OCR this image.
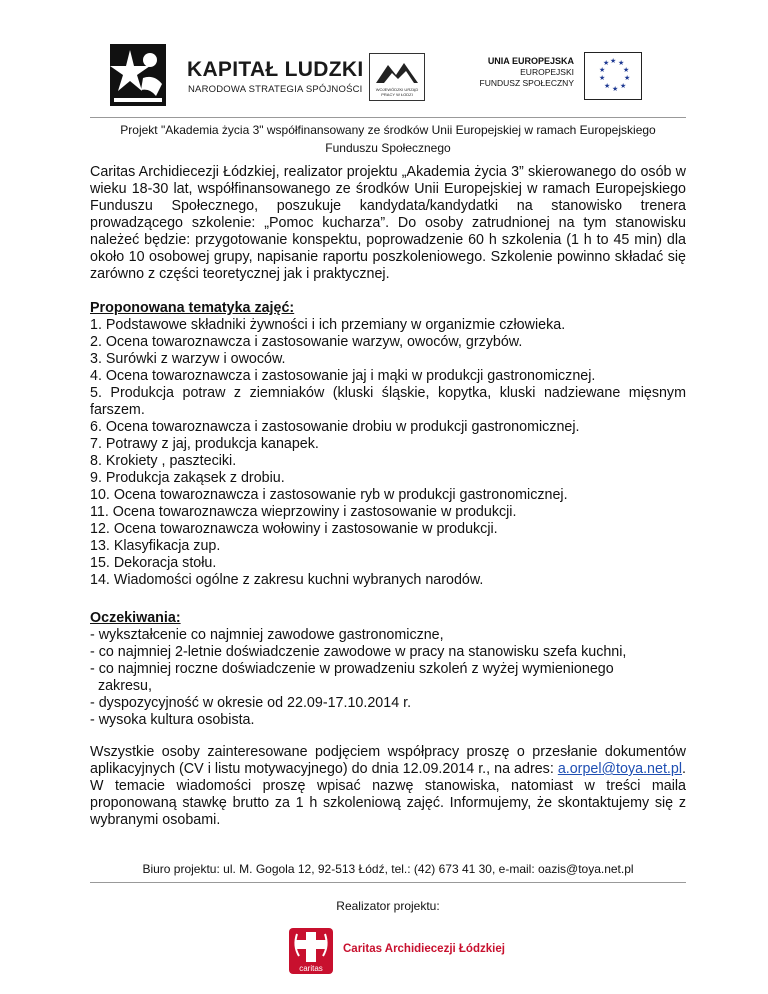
KAPITAŁ LUDZKI
NARODOWA STRATEGIA SPÓJNOŚCI	WOJEWÓDZKI URZĄD PRACY W ŁODZI
UNIA EUROPEJSKA
EUROPEJSKI
FUNDUSZ SPOŁECZNY
★ ★
★
★
★
★
★
★
★
★
Projekt "Akademia życia 3" współfinansowany ze środków Unii Europejskiej w ramach Europejskiego
Funduszu Społecznego
Caritas Archidiecezji Łódzkiej, realizator projektu „Akademia życia 3” skierowanego do osób w wieku 18-30 lat, współfinansowanego ze środków Unii Europejskiej w ramach Europejskiego Funduszu Społecznego, poszukuje kandydata/kandydatki na stanowisko trenera prowadzącego szkolenie: „Pomoc kucharza”. Do osoby zatrudnionej na tym stanowisku należeć będzie: przygotowanie konspektu, poprowadzenie 60 h szkolenia (1 h to 45 min) dla około 10 osobowej grupy, napisanie raportu poszkoleniowego. Szkolenie powinno składać się zarówno z części teoretycznej jak i praktycznej.
Proponowana tematyka zajęć:
1. Podstawowe składniki żywności i ich przemiany w organizmie człowieka.
2. Ocena towaroznawcza i zastosowanie warzyw, owoców, grzybów.
3. Surówki z warzyw i owoców.
4. Ocena towaroznawcza i zastosowanie jaj i mąki w produkcji gastronomicznej.
5. Produkcja potraw z ziemniaków (kluski śląskie, kopytka, kluski nadziewane mięsnym farszem.
6. Ocena towaroznawcza i zastosowanie drobiu w produkcji gastronomicznej.
7. Potrawy z jaj, produkcja kanapek.
8. Krokiety , paszteciki.
9. Produkcja zakąsek z drobiu.
10. Ocena towaroznawcza i zastosowanie ryb w produkcji gastronomicznej.
11. Ocena towaroznawcza wieprzowiny i zastosowanie w produkcji.
12. Ocena towaroznawcza wołowiny i zastosowanie w produkcji.
13. Klasyfikacja zup.
15. Dekoracja stołu.
14. Wiadomości ogólne z zakresu kuchni wybranych narodów.
Oczekiwania:
- wykształcenie co najmniej zawodowe gastronomiczne,
- co najmniej 2-letnie doświadczenie zawodowe w pracy na stanowisku szefa kuchni,
- co najmniej roczne doświadczenie w prowadzeniu szkoleń z wyżej wymienionego
zakresu,
- dyspozycyjność w okresie od 22.09-17.10.2014 r.
- wysoka kultura osobista.
Wszystkie osoby zainteresowane podjęciem współpracy proszę o przesłanie dokumentów aplikacyjnych (CV i listu motywacyjnego) do dnia 12.09.2014 r., na adres: a.orpel@toya.net.pl. W temacie wiadomości proszę wpisać nazwę stanowiska, natomiast w treści maila proponowaną stawkę brutto za 1 h szkoleniową zajęć. Informujemy, że skontaktujemy się z wybranymi osobami.
Biuro projektu: ul. M. Gogola 12, 92-513 Łódź, tel.: (42) 673 41 30, e-mail: oazis@toya.net.pl
Realizator projektu:
caritas
Caritas Archidiecezji Łódzkiej
